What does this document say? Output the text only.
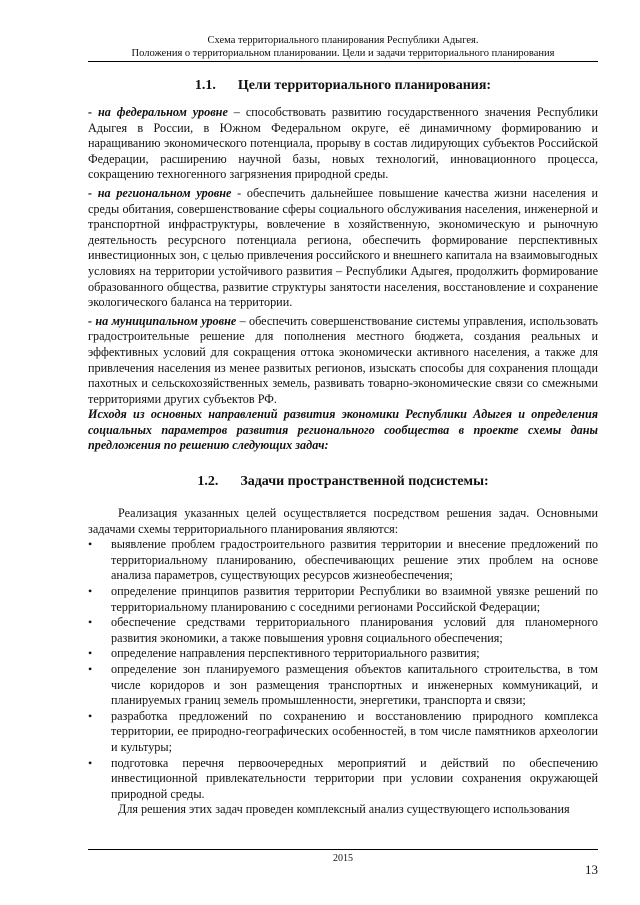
Схема территориального планирования Республики Адыгея.
Положения о территориальном планировании. Цели и задачи территориального планирования
1.1. Цели территориального планирования:

- на федеральном уровне – способствовать развитию государственного значения Республики Адыгея в России, в Южном Федеральном округе, её динамичному формированию и наращиванию экономического потенциала, прорыву в состав лидирующих субъектов Российской Федерации, расширению научной базы, новых технологий, инновационного процесса, сокращению техногенного загрязнения природной среды.

- на региональном уровне - обеспечить дальнейшее повышение качества жизни населения и среды обитания, совершенствование сферы социального обслуживания населения, инженерной и транспортной инфраструктуры, вовлечение в хозяйственную, экономическую и рыночную деятельность ресурсного потенциала региона, обеспечить формирование перспективных инвестиционных зон, с целью привлечения российского и внешнего капитала на взаимовыгодных условиях на территории устойчивого развития – Республики Адыгея, продолжить формирование образованного общества, развитие структуры занятости населения, восстановление и сохранение экологического баланса на территории.

- на муниципальном уровне – обеспечить совершенствование системы управления, использовать градостроительные решение для пополнения местного бюджета, создания реальных и эффективных условий для сокращения оттока экономически активного населения, а также для привлечения населения из менее развитых регионов, изыскать способы для сохранения площади пахотных и сельскохозяйственных земель, развивать товарно-экономические связи со смежными территориями других субъектов РФ.

Исходя из основных направлений развития экономики Республики Адыгея и определения социальных параметров развития регионального сообщества в проекте схемы даны предложения по решению следующих задач:

1.2. Задачи пространственной подсистемы:

Реализация указанных целей осуществляется посредством решения задач. Основными задачами схемы территориального планирования являются:

• выявление проблем градостроительного развития территории и внесение предложений по территориальному планированию, обеспечивающих решение этих проблем на основе анализа параметров, существующих ресурсов жизнеобеспечения;
• определение принципов развития территории Республики во взаимной увязке решений по территориальному планированию с соседними регионами Российской Федерации;
• обеспечение средствами территориального планирования условий для планомерного развития экономики, а также повышения уровня социального обеспечения;
• определение направления перспективного территориального развития;
• определение зон планируемого размещения объектов капитального строительства, в том числе коридоров и зон размещения транспортных и инженерных коммуникаций, и планируемых границ земель промышленности, энергетики, транспорта и связи;
• разработка предложений по сохранению и восстановлению природного комплекса территории, ее природно-географических особенностей, в том числе памятников археологии и культуры;
• подготовка перечня первоочередных мероприятий и действий по обеспечению инвестиционной привлекательности территории при условии сохранения окружающей природной среды.

Для решения этих задач проведен комплексный анализ существующего использования

2015
13
